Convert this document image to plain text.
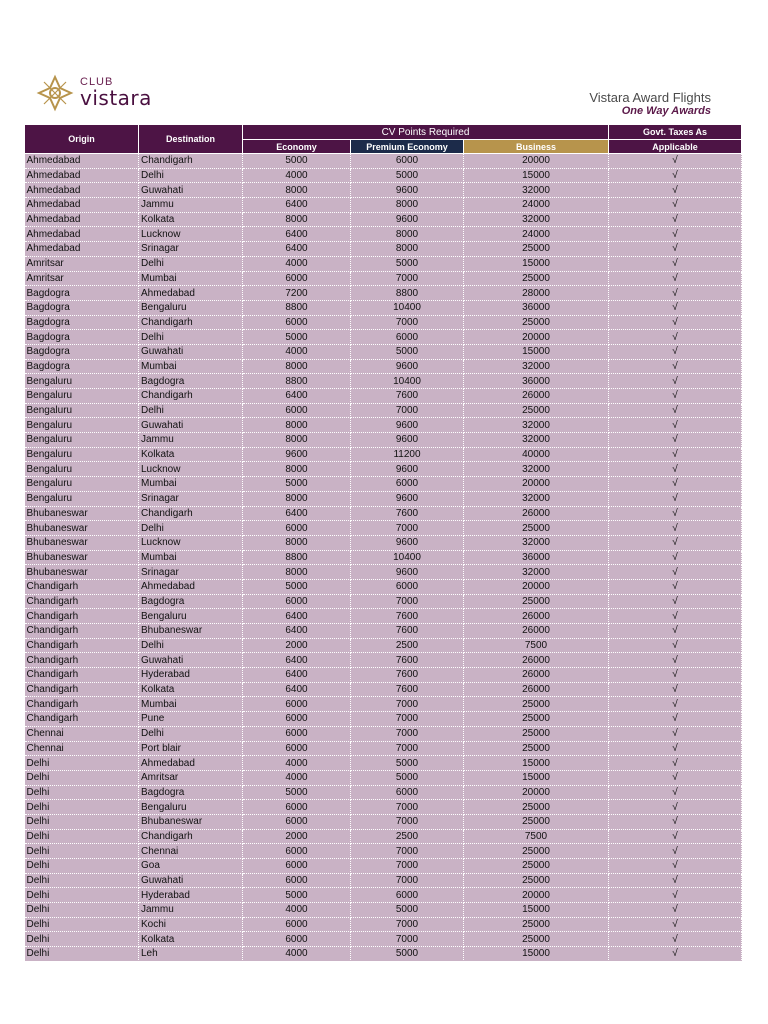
CLUB
vistara	Vistara Award Flights
One Way Awards
Origin	Destination	CV Points Required			Govt. Taxes As
		Economy	Premium Economy	Business	Applicable
Ahmedabad	Chandigarh	5000	6000	20000	√
Ahmedabad	Delhi	4000	5000	15000	√
Ahmedabad	Guwahati	8000	9600	32000	√
Ahmedabad	Jammu	6400	8000	24000	√
Ahmedabad	Kolkata	8000	9600	32000	√
Ahmedabad	Lucknow	6400	8000	24000	√
Ahmedabad	Srinagar	6400	8000	25000	√
Amritsar	Delhi	4000	5000	15000	√
Amritsar	Mumbai	6000	7000	25000	√
Bagdogra	Ahmedabad	7200	8800	28000	√
Bagdogra	Bengaluru	8800	10400	36000	√
Bagdogra	Chandigarh	6000	7000	25000	√
Bagdogra	Delhi	5000	6000	20000	√
Bagdogra	Guwahati	4000	5000	15000	√
Bagdogra	Mumbai	8000	9600	32000	√
Bengaluru	Bagdogra	8800	10400	36000	√
Bengaluru	Chandigarh	6400	7600	26000	√
Bengaluru	Delhi	6000	7000	25000	√
Bengaluru	Guwahati	8000	9600	32000	√
Bengaluru	Jammu	8000	9600	32000	√
Bengaluru	Kolkata	9600	11200	40000	√
Bengaluru	Lucknow	8000	9600	32000	√
Bengaluru	Mumbai	5000	6000	20000	√
Bengaluru	Srinagar	8000	9600	32000	√
Bhubaneswar	Chandigarh	6400	7600	26000	√
Bhubaneswar	Delhi	6000	7000	25000	√
Bhubaneswar	Lucknow	8000	9600	32000	√
Bhubaneswar	Mumbai	8800	10400	36000	√
Bhubaneswar	Srinagar	8000	9600	32000	√
Chandigarh	Ahmedabad	5000	6000	20000	√
Chandigarh	Bagdogra	6000	7000	25000	√
Chandigarh	Bengaluru	6400	7600	26000	√
Chandigarh	Bhubaneswar	6400	7600	26000	√
Chandigarh	Delhi	2000	2500	7500	√
Chandigarh	Guwahati	6400	7600	26000	√
Chandigarh	Hyderabad	6400	7600	26000	√
Chandigarh	Kolkata	6400	7600	26000	√
Chandigarh	Mumbai	6000	7000	25000	√
Chandigarh	Pune	6000	7000	25000	√
Chennai	Delhi	6000	7000	25000	√
Chennai	Port blair	6000	7000	25000	√
Delhi	Ahmedabad	4000	5000	15000	√
Delhi	Amritsar	4000	5000	15000	√
Delhi	Bagdogra	5000	6000	20000	√
Delhi	Bengaluru	6000	7000	25000	√
Delhi	Bhubaneswar	6000	7000	25000	√
Delhi	Chandigarh	2000	2500	7500	√
Delhi	Chennai	6000	7000	25000	√
Delhi	Goa	6000	7000	25000	√
Delhi	Guwahati	6000	7000	25000	√
Delhi	Hyderabad	5000	6000	20000	√
Delhi	Jammu	4000	5000	15000	√
Delhi	Kochi	6000	7000	25000	√
Delhi	Kolkata	6000	7000	25000	√
Delhi	Leh	4000	5000	15000	√
